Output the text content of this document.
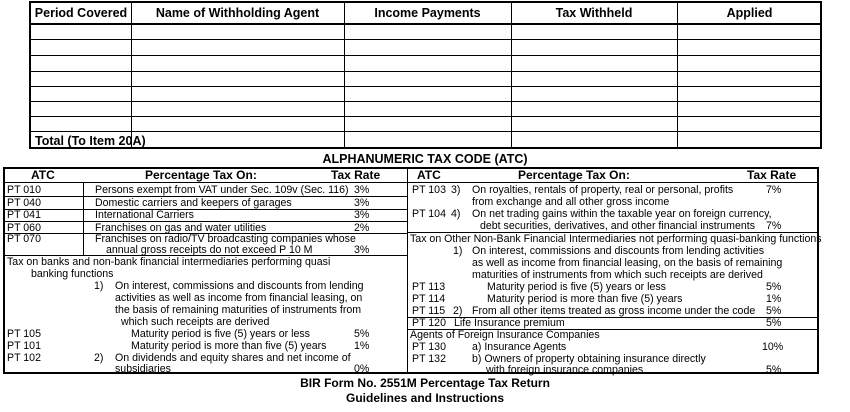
Period Covered	Name of Withholding Agent	Income Payments	Tax Withheld	Applied
Total (To Item 20A)
ALPHANUMERIC TAX CODE (ATC)
ATC	Percentage Tax On:	Tax Rate	ATC	Percentage Tax On:	Tax Rate
PT 010	Persons exempt from VAT under Sec. 109v (Sec. 116) 3%
PT 040	Domestic carriers and keepers of garages	3%
PT 041	International Carriers	3%
PT 060	Franchises on gas and water utilities	2%
PT 070	Franchises on radio/TV broadcasting companies whose
annual gross receipts do not exceed P 10 M	3%
Tax on banks and non-bank financial intermediaries performing quasi
banking functions
1) On interest, commissions and discounts from lending
activities as well as income from financial leasing, on
the basis of remaining maturities of instruments from
which such receipts are derived
PT 105	Maturity period is five (5) years or less	5%
PT 101	Maturity period is more than five (5) years	1%
PT 102	2) On dividends and equity shares and net income of
subsidiaries	0%
PT 103 3) On royalties, rentals of property, real or personal, profits
from exchange and all other gross income
7%
PT 104 4) On net trading gains within the taxable year on foreign currency,
debt securities, derivatives, and other financial instruments 7%
Tax on Other Non-Bank Financial Intermediaries not performing quasi-banking functions
1) On interest, commissions and discounts from lending activities
as well as income from financial leasing, on the basis of remaining
maturities of instruments from which such receipts are derived
PT 113	Maturity period is five (5) years or less	5%
PT 114	Maturity period is more than five (5) years	1%
PT 115 2) From all other items treated as gross income under the code 5%
PT 120 Life Insurance premium	5%
Agents of Foreign Insurance Companies
PT 130 a) Insurance Agents	10%
PT 132 b) Owners of property obtaining insurance directly
with foreign insurance companies	5%
BIR Form No. 2551M Percentage Tax Return
Guidelines and Instructions
